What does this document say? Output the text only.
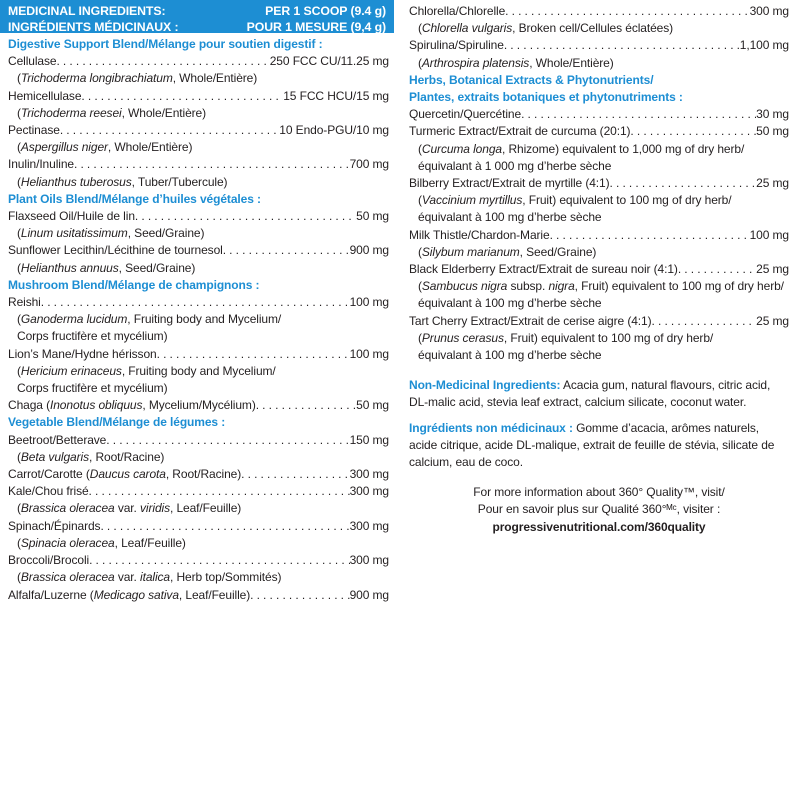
MEDICINAL INGREDIENTS:	PER 1 SCOOP (9.4 g)
INGRÉDIENTS MÉDICINAUX :	POUR 1 MESURE (9,4 g)
Digestive Support Blend/Mélange pour soutien digestif :
Cellulase . . .	250 FCC CU/11.25 mg
(Trichoderma longibrachiatum, Whole/Entière)
Hemicellulase . . .	15 FCC HCU/15 mg
(Trichoderma reesei, Whole/Entière)
Pectinase . . .	10 Endo-PGU/10 mg
(Aspergillus niger, Whole/Entière)
Inulin/Inuline . . .	700 mg
(Helianthus tuberosus, Tuber/Tubercule)
Plant Oils Blend/Mélange d’huiles végétales :
Flaxseed Oil/Huile de lin . . .	50 mg
(Linum usitatissimum, Seed/Graine)
Sunflower Lecithin/Lécithine de tournesol . . .	900 mg
(Helianthus annuus, Seed/Graine)
Mushroom Blend/Mélange de champignons :
Reishi . . .	100 mg
(Ganoderma lucidum, Fruiting body and Mycelium/
Corps fructifère et mycélium)
Lion’s Mane/Hydne hérisson . . .	100 mg
(Hericium erinaceus, Fruiting body and Mycelium/
Corps fructifère et mycélium)
Chaga (Inonotus obliquus, Mycelium/Mycélium) . . .	50 mg
Vegetable Blend/Mélange de légumes :
Beetroot/Betterave . . .	150 mg
(Beta vulgaris, Root/Racine)
Carrot/Carotte (Daucus carota, Root/Racine) . . .	300 mg
Kale/Chou frisé . . .	300 mg
(Brassica oleracea var. viridis, Leaf/Feuille)
Spinach/Épinards . . .	300 mg
(Spinacia oleracea, Leaf/Feuille)
Broccoli/Brocoli . . .	300 mg
(Brassica oleracea var. italica, Herb top/Sommités)
Alfalfa/Luzerne (Medicago sativa, Leaf/Feuille) . . .	900 mg
Chlorella/Chlorelle . . .	300 mg
(Chlorella vulgaris, Broken cell/Cellules éclatées)
Spirulina/Spiruline . . .	1,100 mg
(Arthrospira platensis, Whole/Entière)
Herbs, Botanical Extracts & Phytonutrients/
Plantes, extraits botaniques et phytonutriments :
Quercetin/Quercétine . . .	30 mg
Turmeric Extract/Extrait de curcuma (20:1) . . .	50 mg
(Curcuma longa, Rhizome) equivalent to 1,000 mg of dry herb/
équivalant à 1 000 mg d’herbe sèche
Bilberry Extract/Extrait de myrtille (4:1) . . .	25 mg
(Vaccinium myrtillus, Fruit) equivalent to 100 mg of dry herb/
équivalant à 100 mg d’herbe sèche
Milk Thistle/Chardon-Marie . . .	100 mg
(Silybum marianum, Seed/Graine)
Black Elderberry Extract/Extrait de sureau noir (4:1) . . .	25 mg
(Sambucus nigra subsp. nigra, Fruit) equivalent to 100 mg of dry herb/
équivalant à 100 mg d’herbe sèche
Tart Cherry Extract/Extrait de cerise aigre (4:1) . . .	25 mg
(Prunus cerasus, Fruit) equivalent to 100 mg of dry herb/
équivalant à 100 mg d’herbe sèche
Non-Medicinal Ingredients: Acacia gum, natural flavours, citric acid, DL-malic acid, stevia leaf extract, calcium silicate, coconut water.
Ingrédients non médicinaux : Gomme d’acacia, arômes naturels, acide citrique, acide DL-malique, extrait de feuille de stévia, silicate de calcium, eau de coco.
For more information about 360° Quality™, visit/
Pour en savoir plus sur Qualité 360°ᴹᶜ, visiter :
progressivenutritional.com/360quality
